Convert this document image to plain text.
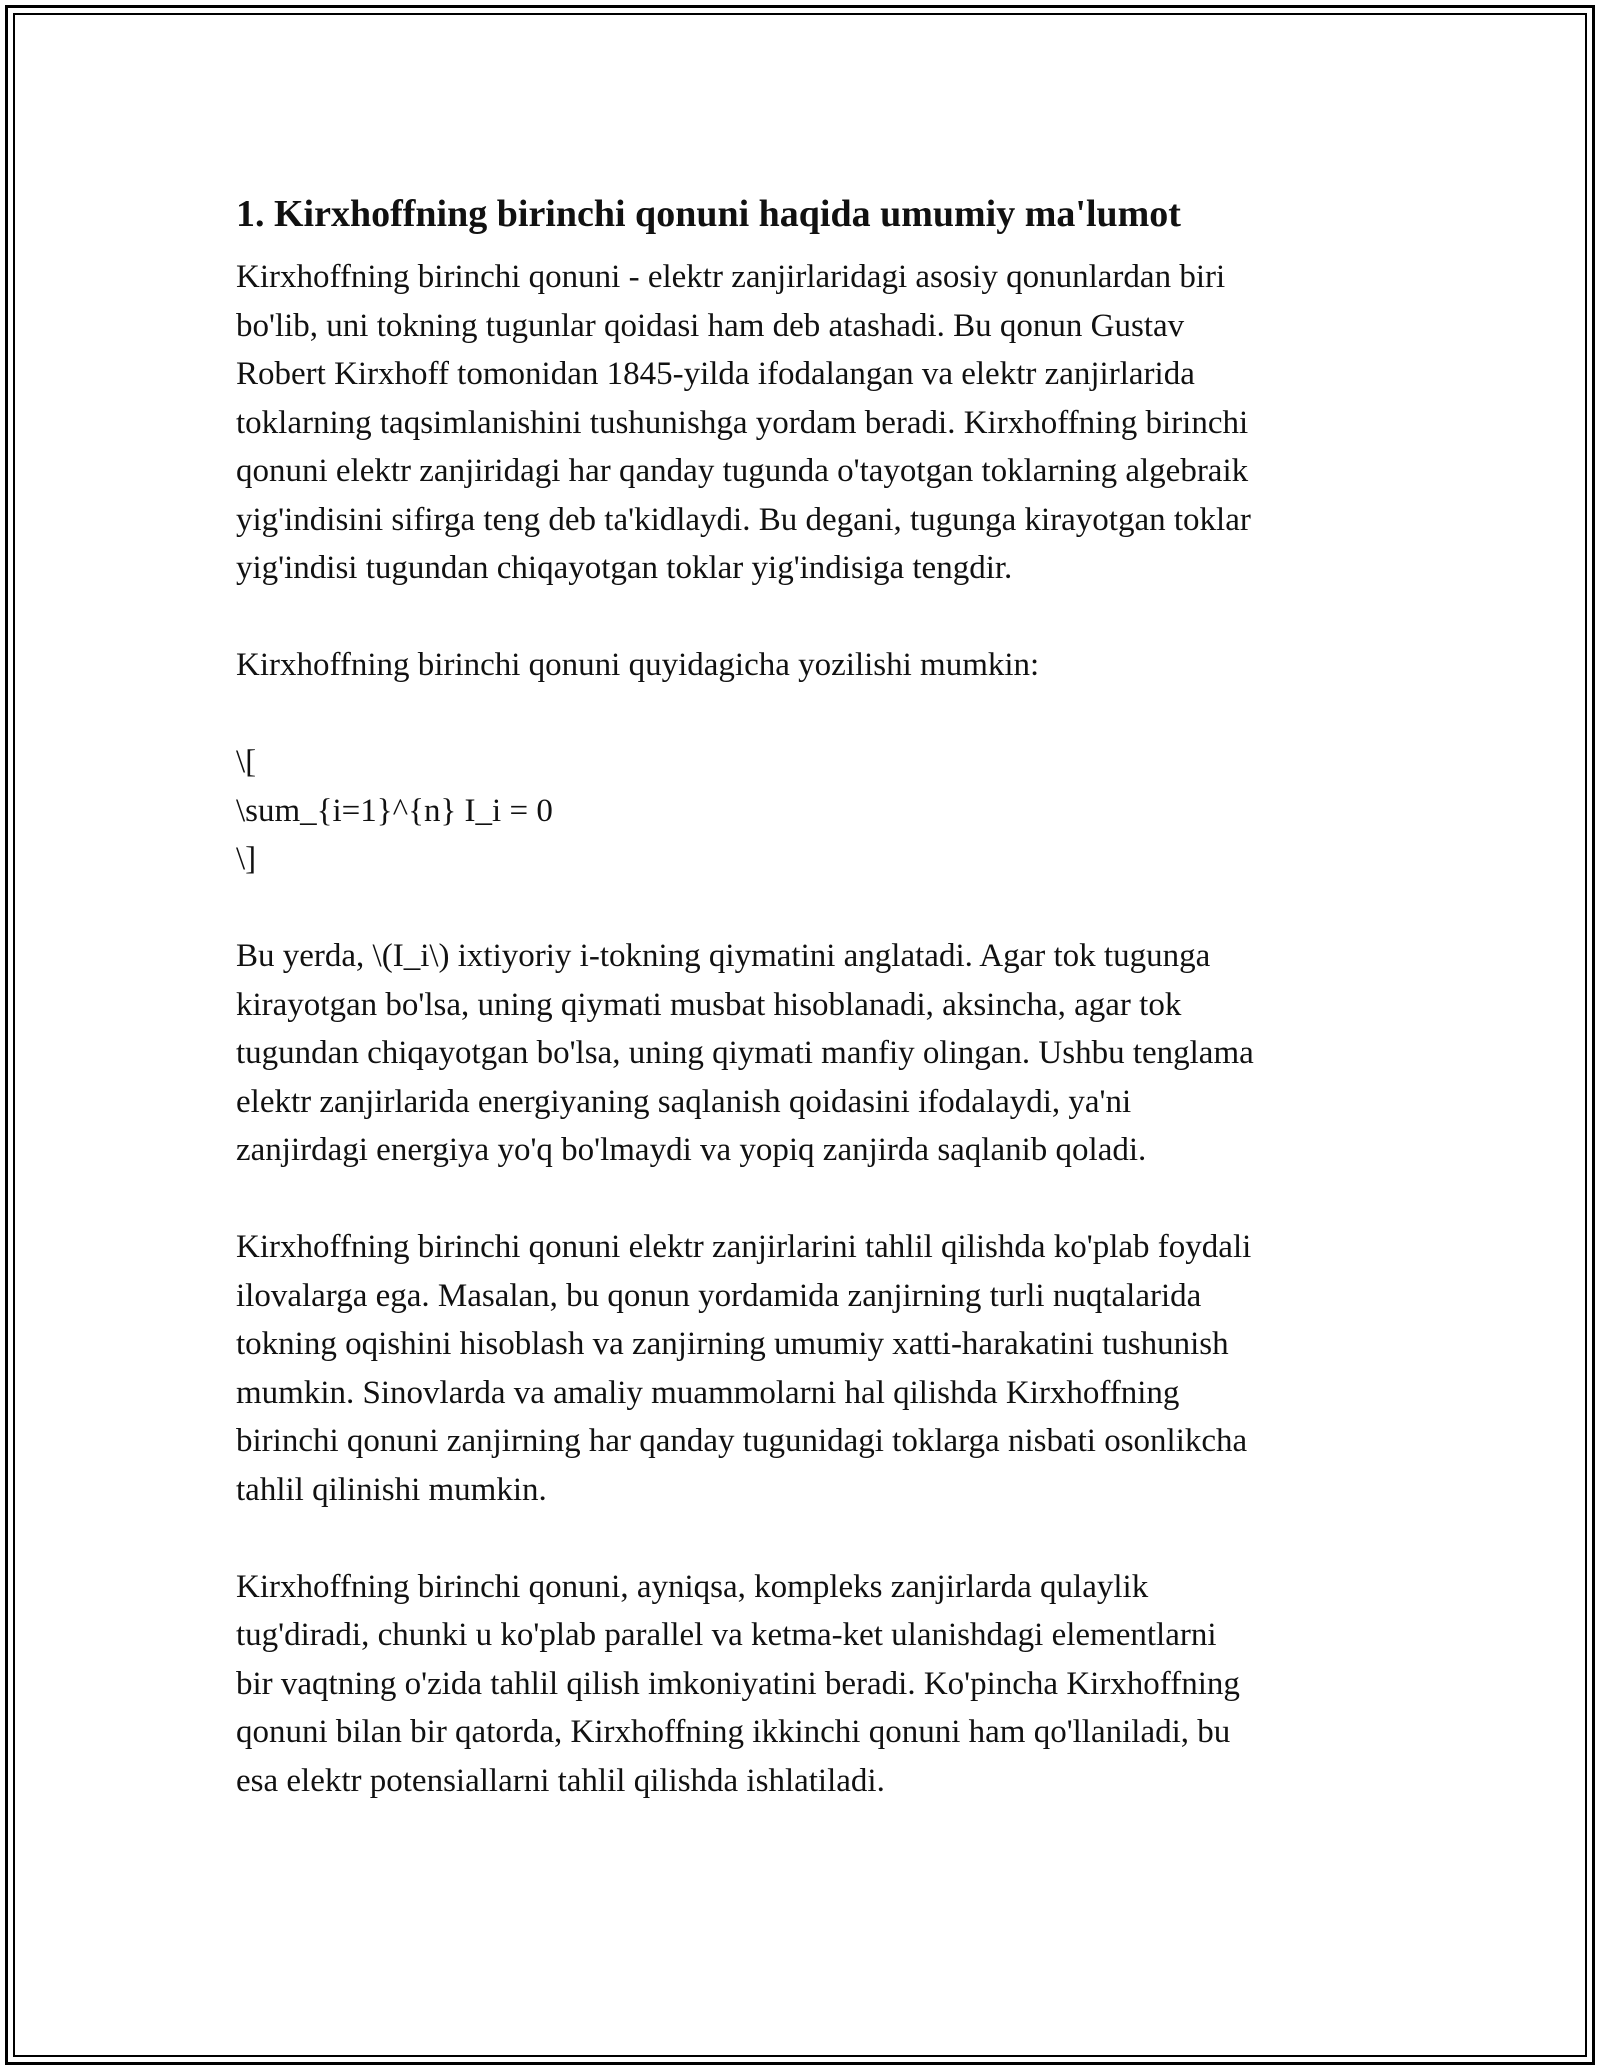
1. Kirxhoffning birinchi qonuni haqida umumiy ma'lumot

Kirxhoffning birinchi qonuni - elektr zanjirlaridagi asosiy qonunlardan biri
bo'lib, uni tokning tugunlar qoidasi ham deb atashadi. Bu qonun Gustav
Robert Kirxhoff tomonidan 1845-yilda ifodalangan va elektr zanjirlarida
toklarning taqsimlanishini tushunishga yordam beradi. Kirxhoffning birinchi
qonuni elektr zanjiridagi har qanday tugunda o'tayotgan toklarning algebraik
yig'indisini sifirga teng deb ta'kidlaydi. Bu degani, tugunga kirayotgan toklar
yig'indisi tugundan chiqayotgan toklar yig'indisiga tengdir.

Kirxhoffning birinchi qonuni quyidagicha yozilishi mumkin:

\[
\sum_{i=1}^{n} I_i = 0
\]

Bu yerda, \(I_i\) ixtiyoriy i-tokning qiymatini anglatadi. Agar tok tugunga
kirayotgan bo'lsa, uning qiymati musbat hisoblanadi, aksincha, agar tok
tugundan chiqayotgan bo'lsa, uning qiymati manfiy olingan. Ushbu tenglama
elektr zanjirlarida energiyaning saqlanish qoidasini ifodalaydi, ya'ni
zanjirdagi energiya yo'q bo'lmaydi va yopiq zanjirda saqlanib qoladi.

Kirxhoffning birinchi qonuni elektr zanjirlarini tahlil qilishda ko'plab foydali
ilovalarga ega. Masalan, bu qonun yordamida zanjirning turli nuqtalarida
tokning oqishini hisoblash va zanjirning umumiy xatti-harakatini tushunish
mumkin. Sinovlarda va amaliy muammolarni hal qilishda Kirxhoffning
birinchi qonuni zanjirning har qanday tugunidagi toklarga nisbati osonlikcha
tahlil qilinishi mumkin.

Kirxhoffning birinchi qonuni, ayniqsa, kompleks zanjirlarda qulaylik
tug'diradi, chunki u ko'plab parallel va ketma-ket ulanishdagi elementlarni
bir vaqtning o'zida tahlil qilish imkoniyatini beradi. Ko'pincha Kirxhoffning
qonuni bilan bir qatorda, Kirxhoffning ikkinchi qonuni ham qo'llaniladi, bu
esa elektr potensiallarni tahlil qilishda ishlatiladi.
